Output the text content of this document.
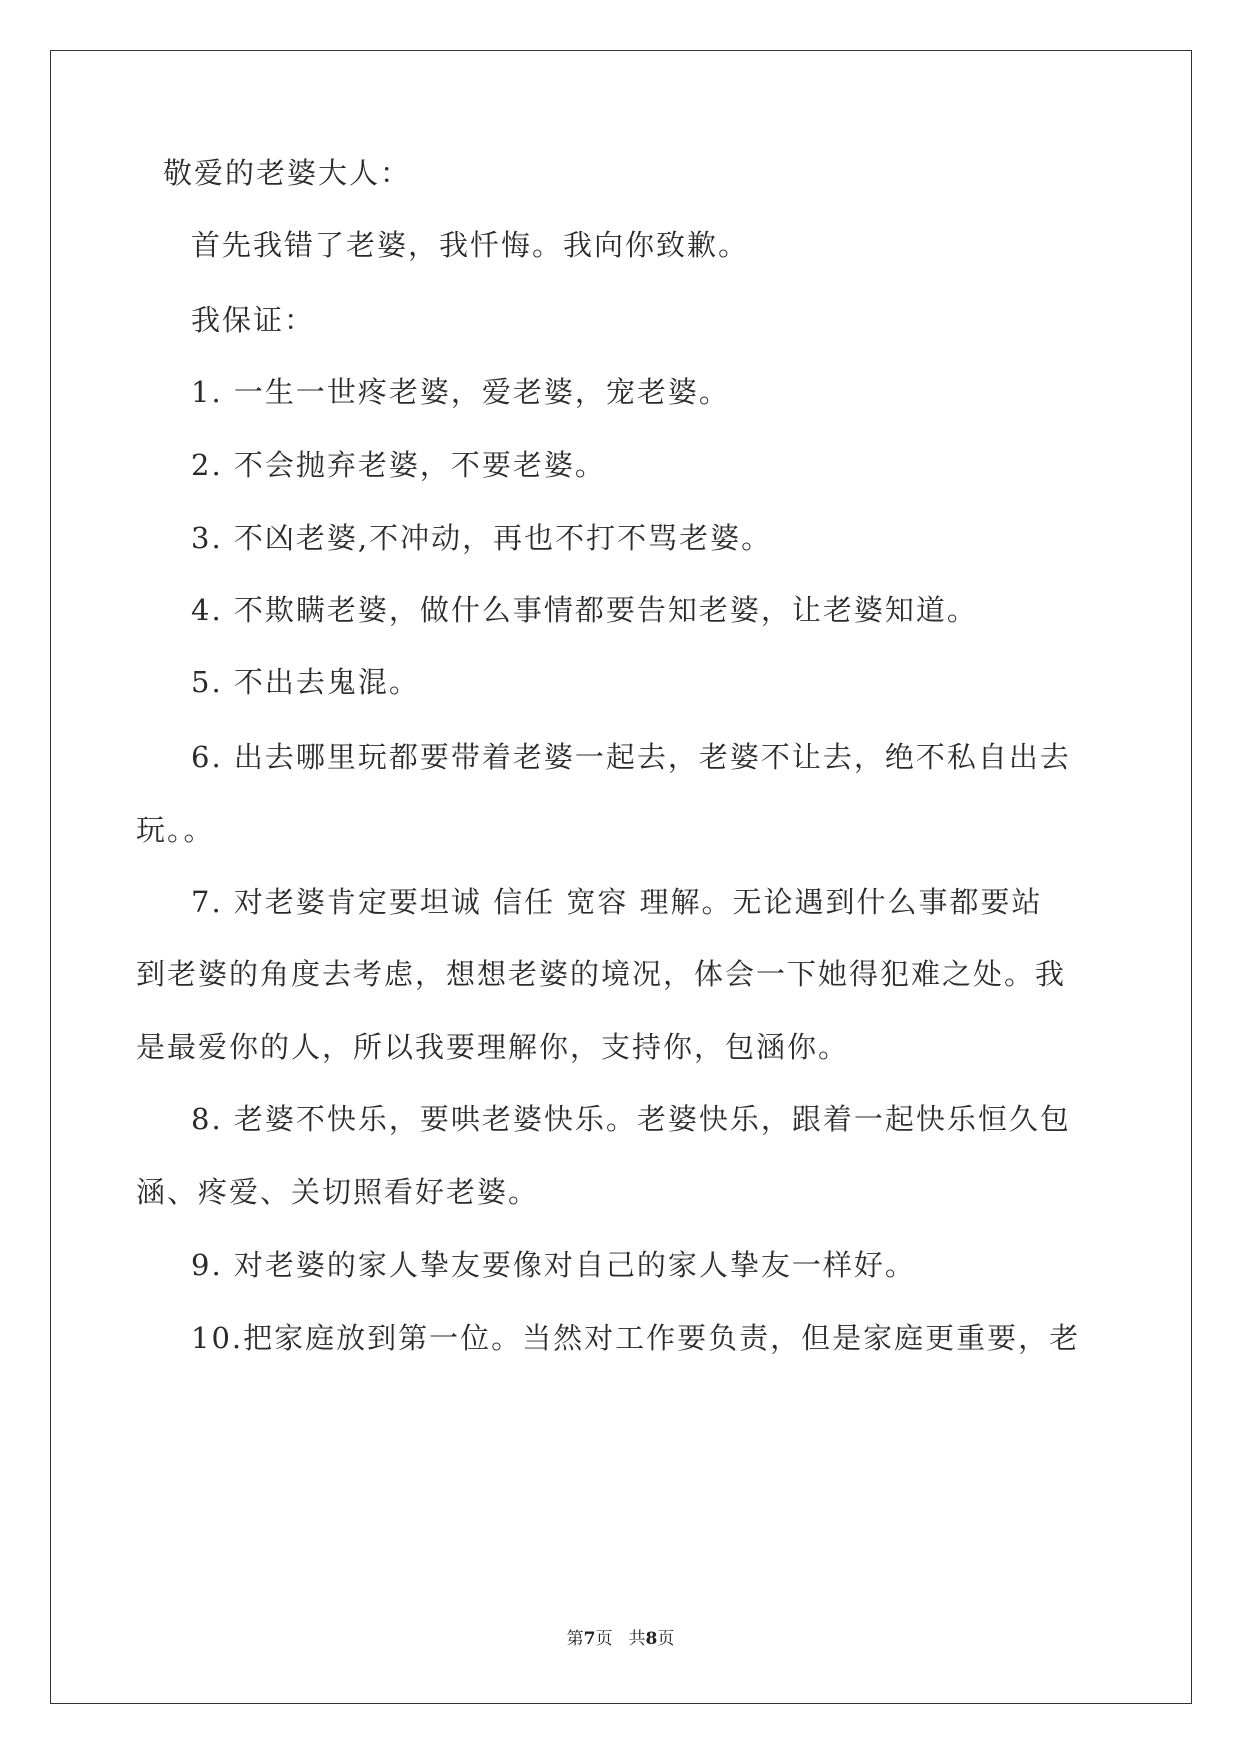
敬爱的老婆大人：
首先我错了老婆，我忏悔。我向你致歉。
我保证：
1. 一生一世疼老婆，爱老婆，宠老婆。
2. 不会抛弃老婆，不要老婆。
3. 不凶老婆,不冲动，再也不打不骂老婆。
4. 不欺瞒老婆，做什么事情都要告知老婆，让老婆知道。
5. 不出去鬼混。
6. 出去哪里玩都要带着老婆一起去，老婆不让去，绝不私自出去
玩。。
7. 对老婆肯定要坦诚 信任 宽容 理解。无论遇到什么事都要站
到老婆的角度去考虑，想想老婆的境况，体会一下她得犯难之处。我
是最爱你的人，所以我要理解你，支持你，包涵你。
8. 老婆不快乐，要哄老婆快乐。老婆快乐，跟着一起快乐恒久包
涵、疼爱、关切照看好老婆。
9. 对老婆的家人挚友要像对自己的家人挚友一样好。
10.把家庭放到第一位。当然对工作要负责，但是家庭更重要，老
第7页 共8页
